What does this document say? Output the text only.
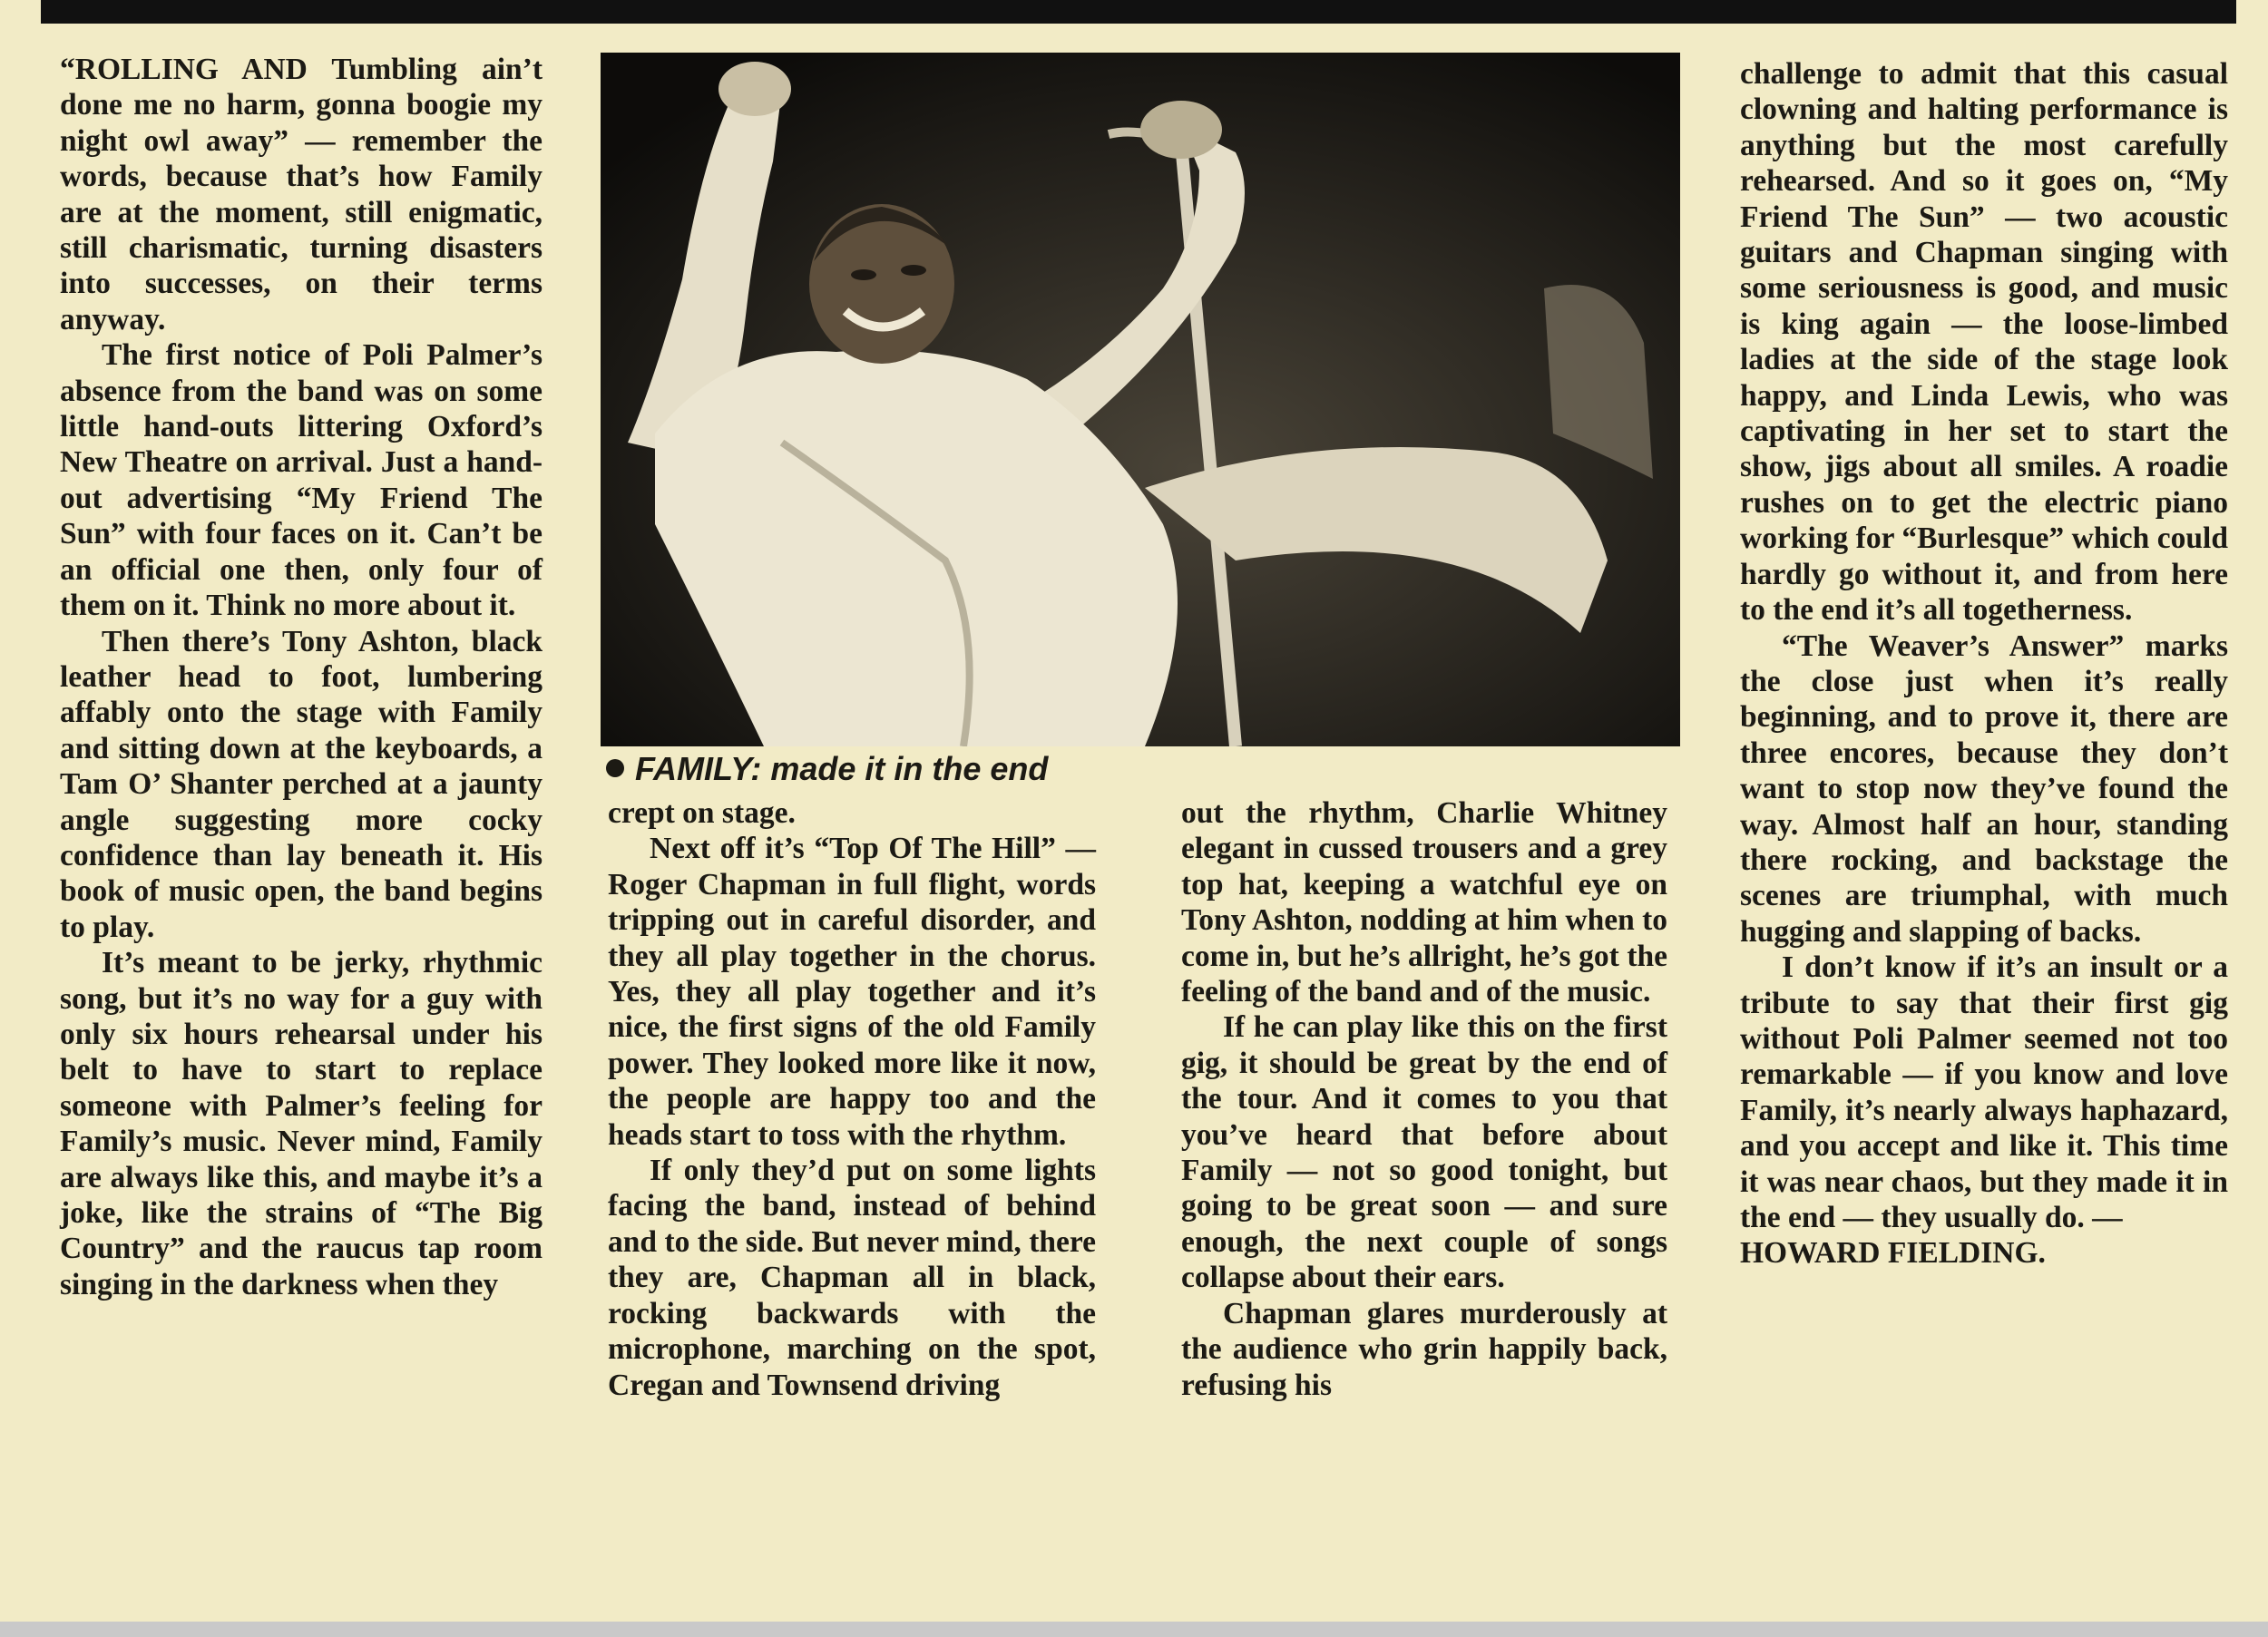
“ROLLING AND Tumbling ain’t done me no harm, gonna boogie my night owl away” — remember the words, because that’s how Family are at the moment, still enigmatic, still charismatic, turning disasters into successes, on their terms anyway.

The first notice of Poli Palmer’s absence from the band was on some little hand-outs littering Oxford’s New Theatre on arrival. Just a hand-out advertising “My Friend The Sun” with four faces on it. Can’t be an official one then, only four of them on it. Think no more about it.

Then there’s Tony Ashton, black leather head to foot, lumbering affably onto the stage with Family and sitting down at the keyboards, a Tam O’ Shanter perched at a jaunty angle suggesting more cocky confidence than lay beneath it. His book of music open, the band begins to play.

It’s meant to be jerky, rhythmic song, but it’s no way for a guy with only six hours rehearsal under his belt to have to start to replace someone with Palmer’s feeling for Family’s music. Never mind, Family are always like this, and maybe it’s a joke, like the strains of “The Big Country” and the raucus tap room singing in the darkness when they

FAMILY: made it in the end

crept on stage.

Next off it’s “Top Of The Hill” — Roger Chapman in full flight, words tripping out in careful disorder, and they all play together in the chorus. Yes, they all play together and it’s nice, the first signs of the old Family power. They looked more like it now, the people are happy too and the heads start to toss with the rhythm.

If only they’d put on some lights facing the band, instead of behind and to the side. But never mind, there they are, Chapman all in black, rocking backwards with the microphone, marching on the spot, Cregan and Townsend driving

out the rhythm, Charlie Whitney elegant in cussed trousers and a grey top hat, keeping a watchful eye on Tony Ashton, nodding at him when to come in, but he’s allright, he’s got the feeling of the band and of the music.

If he can play like this on the first gig, it should be great by the end of the tour. And it comes to you that you’ve heard that before about Family — not so good tonight, but going to be great soon — and sure enough, the next couple of songs collapse about their ears.

Chapman glares murderously at the audience who grin happily back, refusing his

challenge to admit that this casual clowning and halting performance is anything but the most carefully rehearsed. And so it goes on, “My Friend The Sun” — two acoustic guitars and Chapman singing with some seriousness is good, and music is king again — the loose-limbed ladies at the side of the stage look happy, and Linda Lewis, who was captivating in her set to start the show, jigs about all smiles. A roadie rushes on to get the electric piano working for “Burlesque” which could hardly go without it, and from here to the end it’s all togetherness.

“The Weaver’s Answer” marks the close just when it’s really beginning, and to prove it, there are three encores, because they don’t want to stop now they’ve found the way. Almost half an hour, standing there rocking, and backstage the scenes are triumphal, with much hugging and slapping of backs.

I don’t know if it’s an insult or a tribute to say that their first gig without Poli Palmer seemed not too remarkable — if you know and love Family, it’s nearly always haphazard, and you accept and like it. This time it was near chaos, but they made it in the end — they usually do. —

HOWARD FIELDING.
